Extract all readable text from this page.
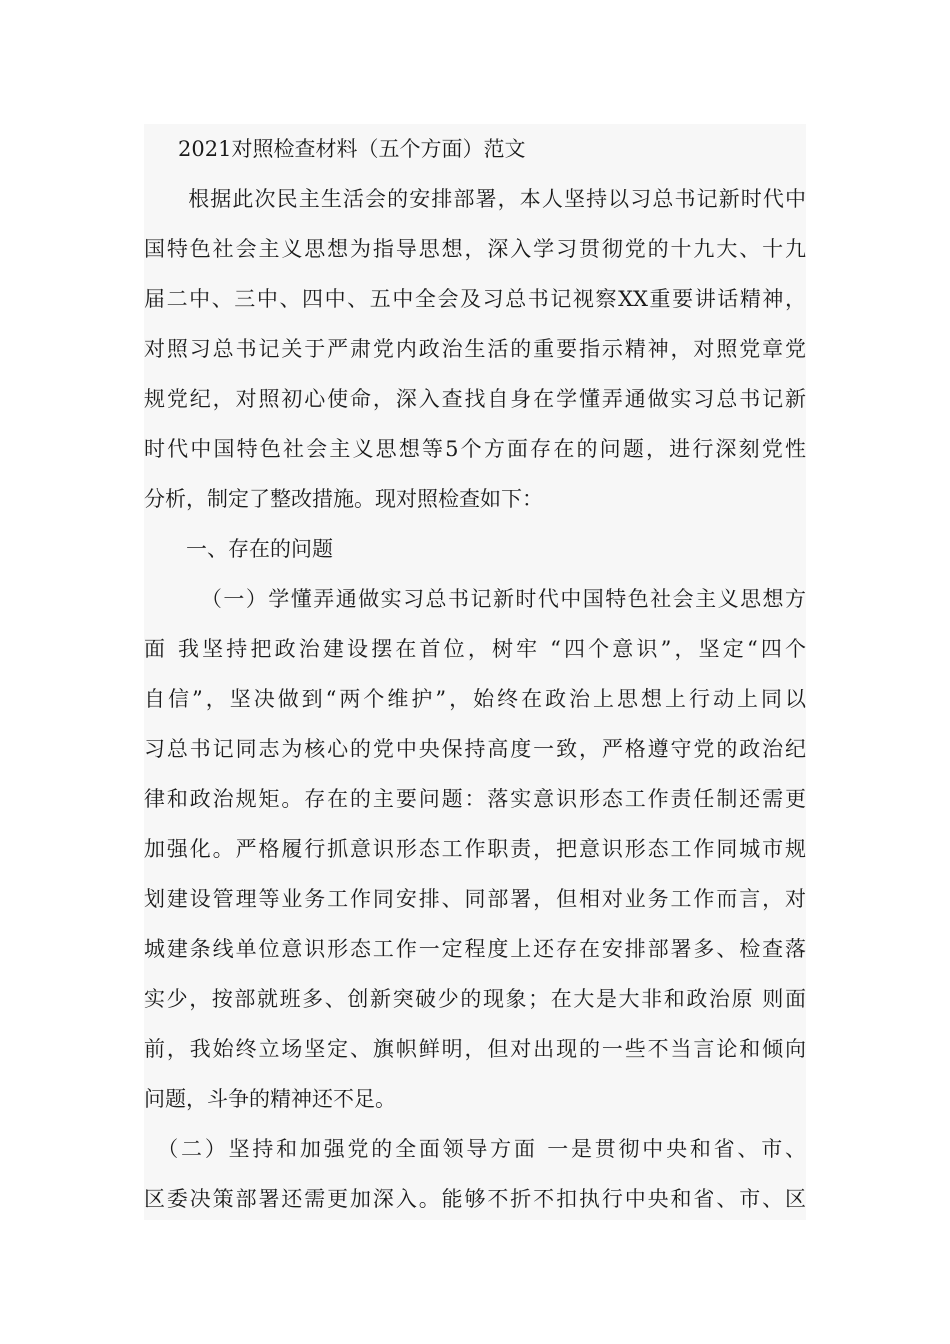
2021对照检查材料（五个方面）范文
　　根据此次民主生活会的安排部署，本人坚持以习总书记新时代中
国特色社会主义思想为指导思想，深入学习贯彻党的十九大、十九
届二中、三中、四中、五中全会及习总书记视察XX重要讲话精神，
对照习总书记关于严肃党内政治生活的重要指示精神，对照党章党
规党纪，对照初心使命，深入查找自身在学懂弄通做实习总书记新
时代中国特色社会主义思想等5个方面存在的问题，进行深刻党性
分析，制定了整改措施。现对照检查如下：
　　一、存在的问题
　　　（一）学懂弄通做实习总书记新时代中国特色社会主义思想方
面 我坚持把政治建设摆在首位，树牢 “四个意识”，坚定“四个
自信”，坚决做到“两个维护”，始终在政治上思想上行动上同以
习总书记同志为核心的党中央保持高度一致，严格遵守党的政治纪
律和政治规矩。存在的主要问题：落实意识形态工作责任制还需更
加强化。严格履行抓意识形态工作职责，把意识形态工作同城市规
划建设管理等业务工作同安排、同部署，但相对业务工作而言，对
城建条线单位意识形态工作一定程度上还存在安排部署多、检查落
实少，按部就班多、创新突破少的现象；在大是大非和政治原 则面
前，我始终立场坚定、旗帜鲜明，但对出现的一些不当言论和倾向
问题，斗争的精神还不足。
　（二）坚持和加强党的全面领导方面 一是贯彻中央和省、市、
区委决策部署还需更加深入。能够不折不扣执行中央和省、市、区
